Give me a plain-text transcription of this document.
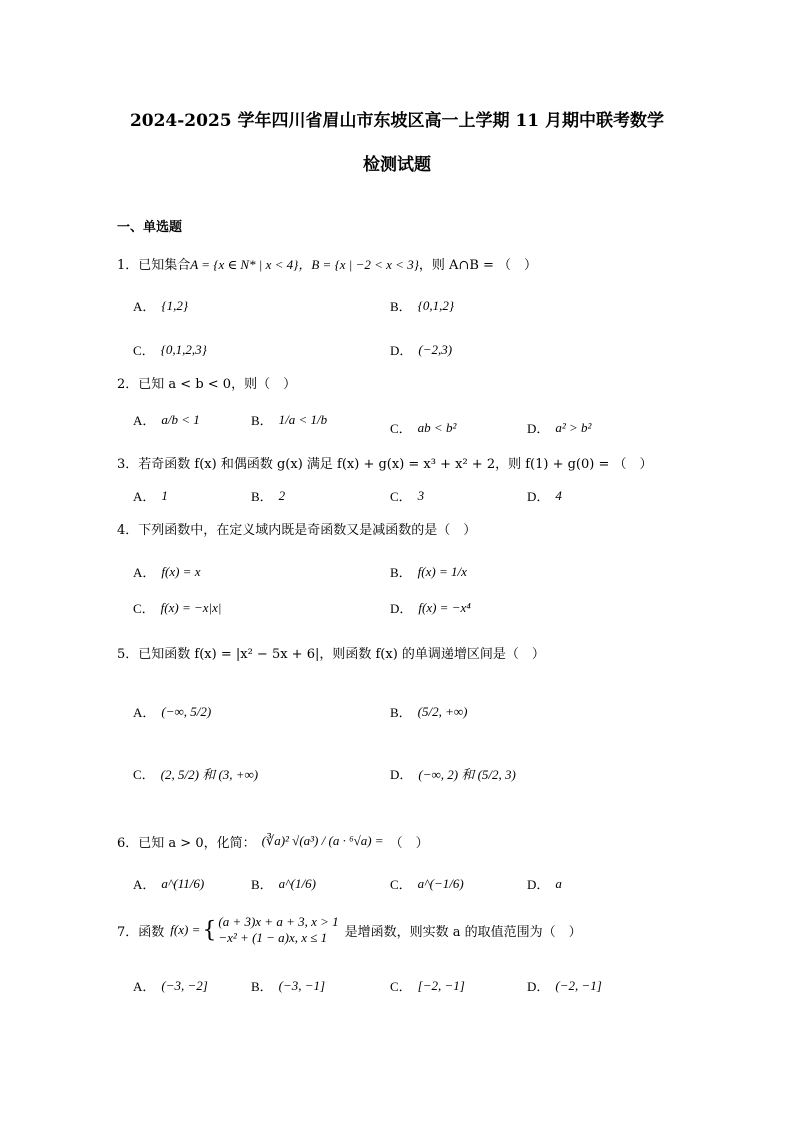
2024-2025 学年四川省眉山市东坡区高一上学期 11 月期中联考数学
检测试题
一、单选题
1． 已知集合 A = {x ∈ N* | x < 4}，B = {x | −2 < x < 3} ，则 A∩B = （　）
A． {1,2}	B． {0,1,2}
C． {0,1,2,3}	D． (−2,3)
2． 已知 a < b < 0，则（　）
A． a/b < 1	B． 1/a < 1/b
C． ab < b²	D． a² > b²
3． 若奇函数 f(x) 和偶函数 g(x) 满足 f(x) + g(x) = x³ + x² + 2，则 f(1) + g(0) = （　）
A． 1	B． 2	C． 3	D． 4
4． 下列函数中，在定义域内既是奇函数又是减函数的是（　）
A． f(x) = x	B． f(x) = 1/x
C． f(x) = −x|x|	D． f(x) = −x⁴
5． 已知函数 f(x) = |x² − 5x + 6|，则函数 f(x) 的单调递增区间是（　）
A． (−∞, 5/2)	B． (5/2, +∞)
C． (2, 5/2) 和 (3, +∞)	D． (−∞, 2) 和 (5/2, 3)
6． 已知 a > 0，化简： (∛a)² √(a³) / (a · ⁶√a) = （　）
A． a^(11/6)	B． a^(1/6)	C． a^(−1/6)	D． a
7． 函数 f(x) = { (a + 3)x + a + 3, x > 1
−x² + (1 − a)x, x ≤ 1	是增函数，则实数 a 的取值范围为（　）
A． (−3, −2]	B． (−3, −1]	C． [−2, −1]	D． (−2, −1]
